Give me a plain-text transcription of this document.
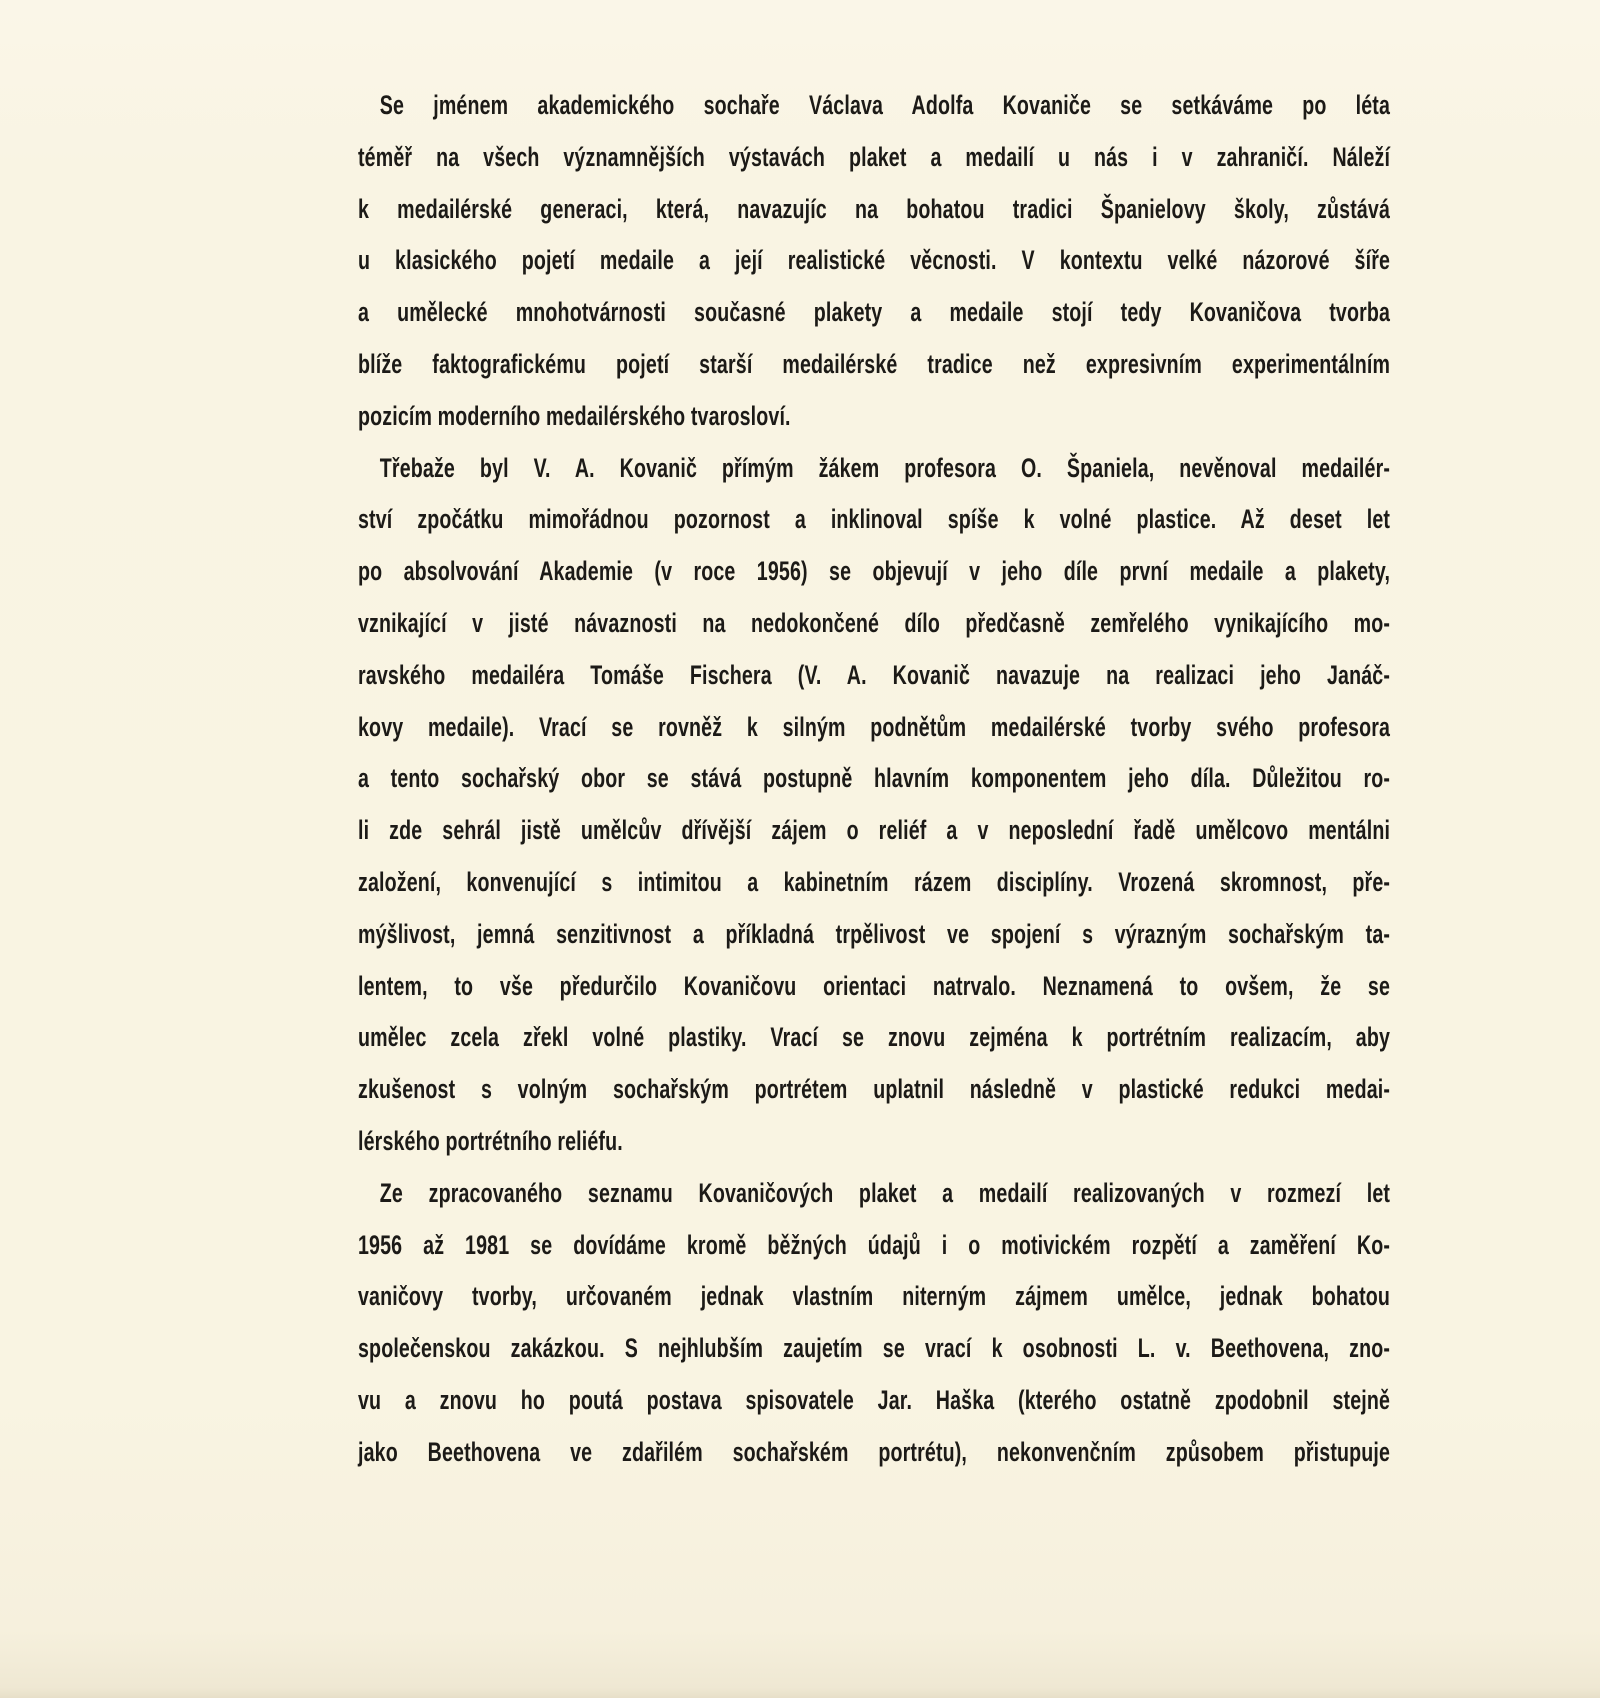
Se jménem akademického sochaře Václava Adolfa Kovaniče se setkáváme po léta
téměř na všech významnějších výstavách plaket a medailí u nás i v zahraničí. Náleží
k medailérské generaci, která, navazujíc na bohatou tradici Španielovy školy, zůstává
u klasického pojetí medaile a její realistické věcnosti. V kontextu velké názorové šíře
a umělecké mnohotvárnosti současné plakety a medaile stojí tedy Kovaničova tvorba
blíže faktografickému pojetí starší medailérské tradice než expresivním experimentálním
pozicím moderního medailérského tvarosloví.
Třebaže byl V. A. Kovanič přímým žákem profesora O. Španiela, nevěnoval medailér-
ství zpočátku mimořádnou pozornost a inklinoval spíše k volné plastice. Až deset let
po absolvování Akademie (v roce 1956) se objevují v jeho díle první medaile a plakety,
vznikající v jisté návaznosti na nedokončené dílo předčasně zemřelého vynikajícího mo-
ravského medailéra Tomáše Fischera (V. A. Kovanič navazuje na realizaci jeho Janáč-
kovy medaile). Vrací se rovněž k silným podnětům medailérské tvorby svého profesora
a tento sochařský obor se stává postupně hlavním komponentem jeho díla. Důležitou ro-
li zde sehrál jistě umělcův dřívější zájem o reliéf a v neposlední řadě umělcovo mentálni
založení, konvenující s intimitou a kabinetním rázem disciplíny. Vrozená skromnost, pře-
mýšlivost, jemná senzitivnost a příkladná trpělivost ve spojení s výrazným sochařským ta-
lentem, to vše předurčilo Kovaničovu orientaci natrvalo. Neznamená to ovšem, že se
umělec zcela zřekl volné plastiky. Vrací se znovu zejména k portrétním realizacím, aby
zkušenost s volným sochařským portrétem uplatnil následně v plastické redukci medai-
lérského portrétního reliéfu.
Ze zpracovaného seznamu Kovaničových plaket a medailí realizovaných v rozmezí let
1956 až 1981 se dovídáme kromě běžných údajů i o motivickém rozpětí a zaměření Ko-
vaničovy tvorby, určovaném jednak vlastním niterným zájmem umělce, jednak bohatou
společenskou zakázkou. S nejhlubším zaujetím se vrací k osobnosti L. v. Beethovena, zno-
vu a znovu ho poutá postava spisovatele Jar. Haška (kterého ostatně zpodobnil stejně
jako Beethovena ve zdařilém sochařském portrétu), nekonvenčním způsobem přistupuje
